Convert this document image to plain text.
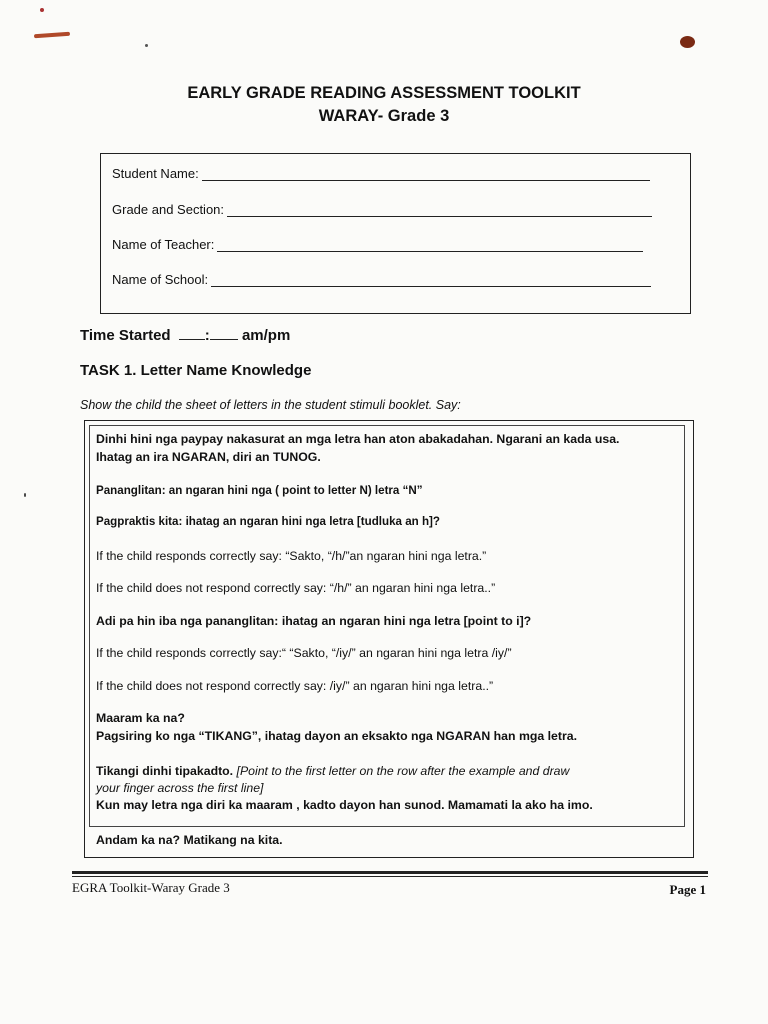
EARLY GRADE READING ASSESSMENT TOOLKIT
WARAY- Grade 3
Student Name:
Grade and Section:
Name of Teacher:
Name of School:
Time Started : am/pm
TASK 1. Letter Name Knowledge
Show the child the sheet of letters in the student stimuli booklet. Say:
Dinhi hini nga paypay nakasurat an mga letra han aton abakadahan. Ngarani an kada usa.
Ihatag an ira NGARAN, diri an TUNOG.
Pananglitan: an ngaran hini nga ( point to letter N) letra “N”
Pagpraktis kita: ihatag an ngaran hini nga letra [tudluka an h]?
If the child responds correctly say: “Sakto, “/h/”an ngaran hini nga letra.”
If the child does not respond correctly say: “/h/” an ngaran hini nga letra..”
Adi pa hin iba nga pananglitan: ihatag an ngaran hini nga letra [point to i]?
If the child responds correctly say:“ “Sakto, “/iy/” an ngaran hini nga letra /iy/”
If the child does not respond correctly say: /iy/” an ngaran hini nga letra..”
Maaram ka na?
Pagsiring ko nga “TIKANG”, ihatag dayon an eksakto nga NGARAN han mga letra.
Tikangi dinhi tipakadto. [Point to the first letter on the row after the example and draw
your finger across the first line]
Kun may letra nga diri ka maaram , kadto dayon han sunod. Mamamati la ako ha imo.
Andam ka na? Matikang na kita.
EGRA Toolkit-Waray Grade 3	Page 1
